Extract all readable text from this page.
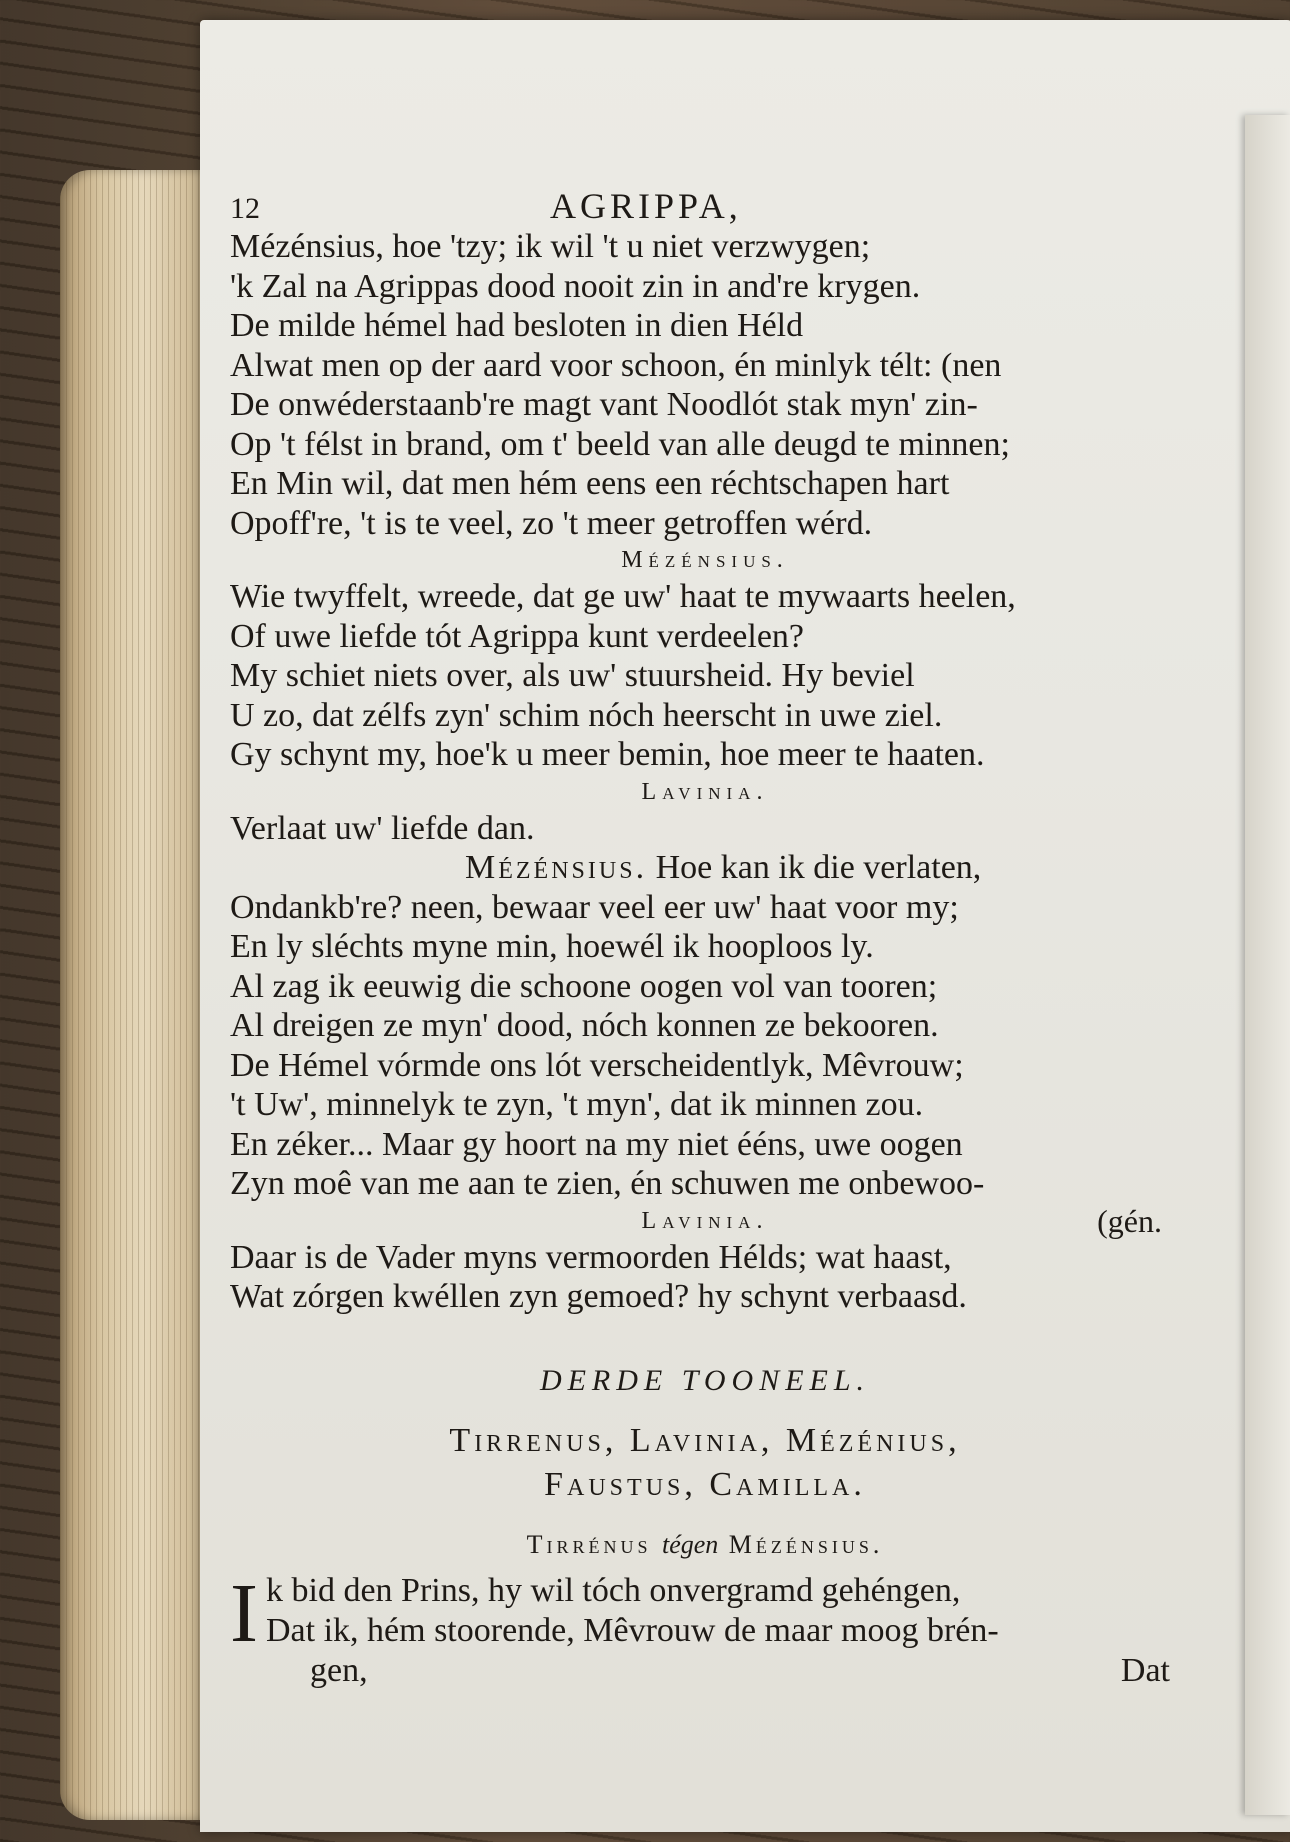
12	AGRIPPA,
Mézénsius, hoe 'tzy; ik wil 't u niet verzwygen;
'k Zal na Agrippas dood nooit zin in and're krygen.
De milde hémel had besloten in dien Héld
Alwat men op der aard voor schoon, én minlyk télt: (nen
De onwéderstaanb're magt vant Noodlót stak myn' zin-
Op 't félst in brand, om t' beeld van alle deugd te minnen;
En Min wil, dat men hém eens een réchtschapen hart
Opoff're, 't is te veel, zo 't meer getroffen wérd.
Mézénsius.
Wie twyffelt, wreede, dat ge uw' haat te mywaarts heelen,
Of uwe liefde tót Agrippa kunt verdeelen?
My schiet niets over, als uw' stuursheid. Hy beviel
U zo, dat zélfs zyn' schim nóch heerscht in uwe ziel.
Gy schynt my, hoe'k u meer bemin, hoe meer te haaten.
Lavinia.
Verlaat uw' liefde dan.
Mézénsius. Hoe kan ik die verlaten,
Ondankb're? neen, bewaar veel eer uw' haat voor my;
En ly sléchts myne min, hoewél ik hooploos ly.
Al zag ik eeuwig die schoone oogen vol van tooren;
Al dreigen ze myn' dood, nóch konnen ze bekooren.
De Hémel vórmde ons lót verscheidentlyk, Mêvrouw;
't Uw', minnelyk te zyn, 't myn', dat ik minnen zou.
En zéker... Maar gy hoort na my niet ééns, uwe oogen
Zyn moê van me aan te zien, én schuwen me onbewoo-
Lavinia.	(gén.
Daar is de Vader myns vermoorden Hélds; wat haast,
Wat zórgen kwéllen zyn gemoed? hy schynt verbaasd.
DERDE TOONEEL.
Tirrenus, Lavinia, Mézénius,
Faustus, Camilla.
Tirrénus tégen Mézénsius.
I k bid den Prins, hy wil tóch onvergramd gehéngen,
Dat ik, hém stoorende, Mêvrouw de maar moog brén-
Dat
gen,
